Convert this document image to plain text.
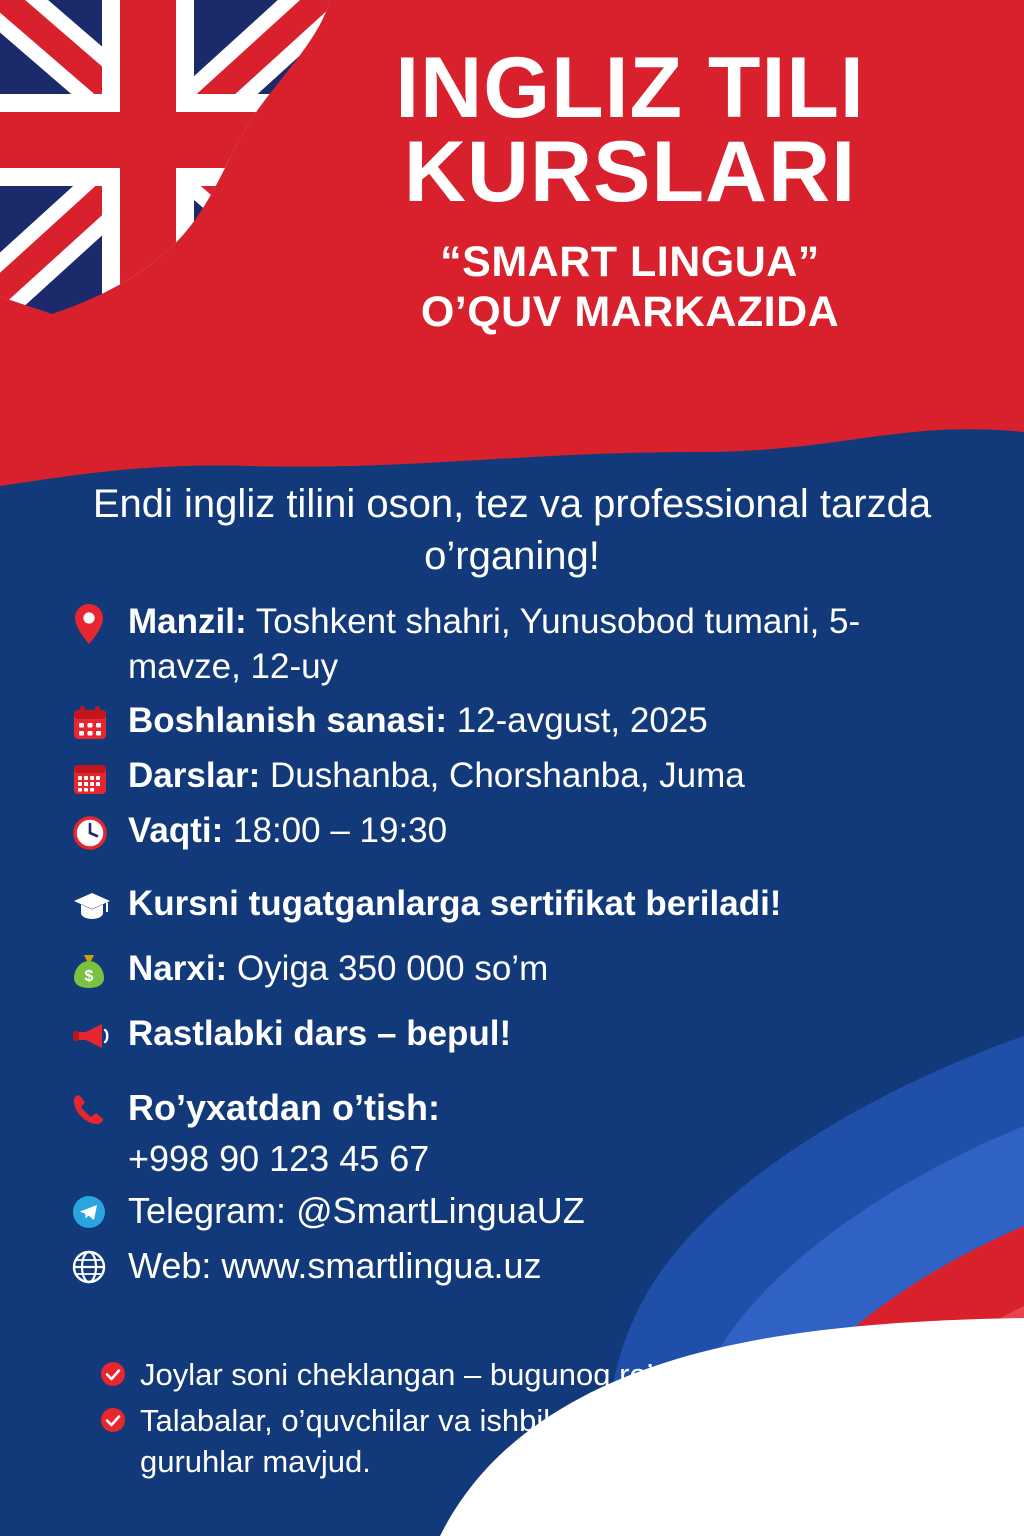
INGLIZ TILI
KURSLARI
“SMART LINGUA”
O’QUV MARKAZIDA
Endi ingliz tilini oson, tez va professional tarzda o’rganing!
Manzil: Toshkent shahri, Yunusobod tumani, 5-mavze, 12-uy
Boshlanish sanasi: 12-avgust, 2025
Darslar: Dushanba, Chorshanba, Juma
Vaqti: 18:00 – 19:30
Kursni tugatganlarga sertifikat beriladi!
$ Narxi: Oyiga 350 000 so’m
Rastlabki dars – bepul!
Ro’yxatdan o’tish:
+998 90 123 45 67
Telegram: @SmartLinguaUZ
Web: www.smartlingua.uz
Joylar soni cheklangan – bugunoq ro’yxatdan o’ting!
Talabalar, o’quvchilar va ishbilarmonlar uchun maxsus guruhlar mavjud.
